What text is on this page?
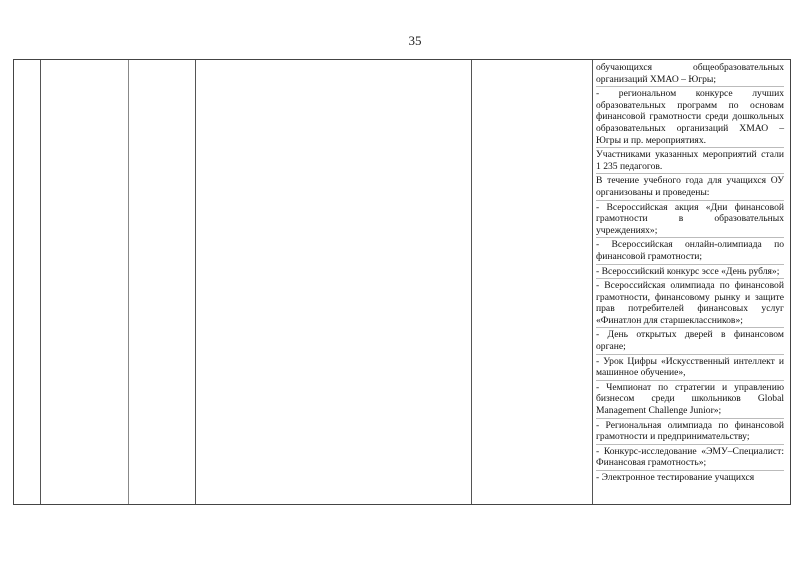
35
обучающихся общеобразовательных организаций ХМАО – Югры;
- региональном конкурсе лучших образовательных программ по основам финансовой грамотности среди дошкольных образовательных организаций ХМАО – Югры и пр. мероприятиях.
Участниками указанных мероприятий стали 1 235 педагогов.
В течение учебного года для учащихся ОУ организованы и проведены:
- Всероссийская акция «Дни финансовой грамотности в образовательных учреждениях»;
- Всероссийская онлайн-олимпиада по финансовой грамотности;
- Всероссийский конкурс эссе «День рубля»;
- Всероссийская олимпиада по финансовой грамотности, финансовому рынку и защите прав потребителей финансовых услуг «Финатлон для старшеклассников»;
- День открытых дверей в финансовом органе;
- Урок Цифры «Искусственный интеллект и машинное обучение»,
- Чемпионат по стратегии и управлению бизнесом среди школьников Global Management Challenge Junior»;
- Региональная олимпиада по финансовой грамотности и предпринимательству;
- Конкурс-исследование «ЭМУ–Специалист: Финансовая грамотность»;
- Электронное тестирование учащихся
